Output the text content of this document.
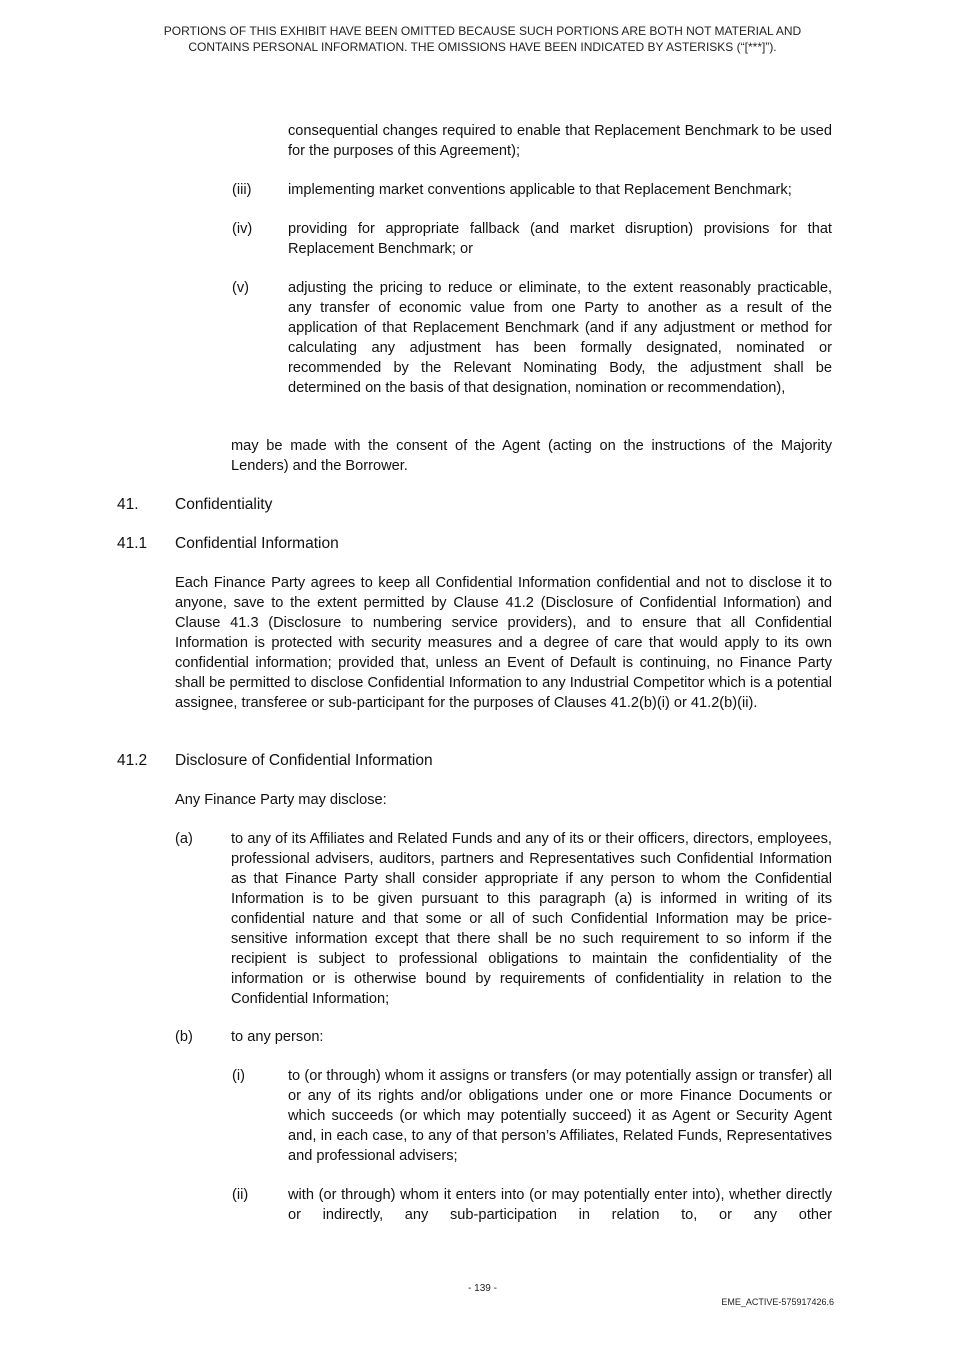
PORTIONS OF THIS EXHIBIT HAVE BEEN OMITTED BECAUSE SUCH PORTIONS ARE BOTH NOT MATERIAL AND
CONTAINS PERSONAL INFORMATION. THE OMISSIONS HAVE BEEN INDICATED BY ASTERISKS (“[***]”).
consequential changes required to enable that Replacement Benchmark to be used for the purposes of this Agreement);
(iii)	implementing market conventions applicable to that Replacement Benchmark;
(iv) providing for appropriate fallback (and market disruption) provisions for that Replacement Benchmark; or
(v)	adjusting the pricing to reduce or eliminate, to the extent reasonably practicable, any transfer of economic value from one Party to another as a result of the application of that Replacement Benchmark (and if any adjustment or method for calculating any adjustment has been formally designated, nominated or recommended by the Relevant Nominating Body, the adjustment shall be determined on the basis of that designation, nomination or recommendation),
may be made with the consent of the Agent (acting on the instructions of the Majority Lenders) and the Borrower.
41. Confidentiality
41.1 Confidential Information
Each Finance Party agrees to keep all Confidential Information confidential and not to disclose it to anyone, save to the extent permitted by Clause 41.2 (Disclosure of Confidential Information) and Clause 41.3 (Disclosure to numbering service providers), and to ensure that all Confidential Information is protected with security measures and a degree of care that would apply to its own confidential information; provided that, unless an Event of Default is continuing, no Finance Party shall be permitted to disclose Confidential Information to any Industrial Competitor which is a potential assignee, transferee or sub-participant for the purposes of Clauses 41.2(b)(i) or 41.2(b)(ii).
41.2 Disclosure of Confidential Information
Any Finance Party may disclose:
(a)	to any of its Affiliates and Related Funds and any of its or their officers, directors, employees, professional advisers, auditors, partners and Representatives such Confidential Information as that Finance Party shall consider appropriate if any person to whom the Confidential Information is to be given pursuant to this paragraph (a) is informed in writing of its confidential nature and that some or all of such Confidential Information may be price-sensitive information except that there shall be no such requirement to so inform if the recipient is subject to professional obligations to maintain the confidentiality of the information or is otherwise bound by requirements of confidentiality in relation to the Confidential Information;
(b)	to any person:
(i)	to (or through) whom it assigns or transfers (or may potentially assign or transfer) all or any of its rights and/or obligations under one or more Finance Documents or which succeeds (or which may potentially succeed) it as Agent or Security Agent and, in each case, to any of that person’s Affiliates, Related Funds, Representatives and professional advisers;
(ii)	with (or through) whom it enters into (or may potentially enter into), whether directly or indirectly, any sub-participation in relation to, or any other
- 139 -
EME_ACTIVE-575917426.6
